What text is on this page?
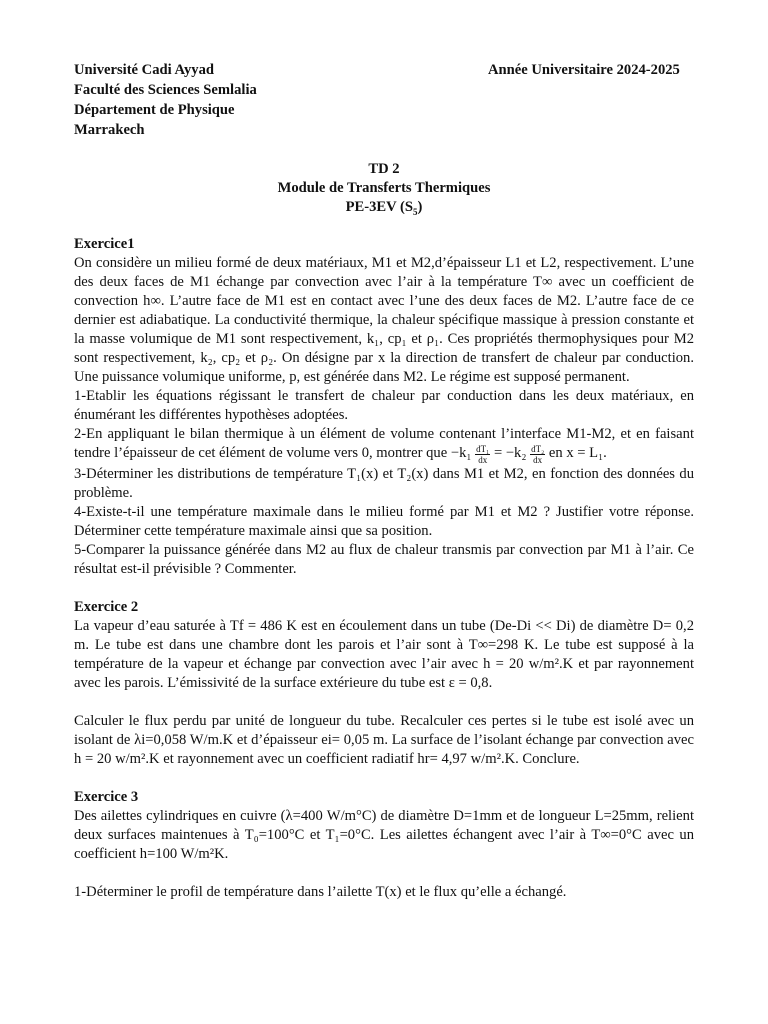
Université Cadi Ayyad
Faculté des Sciences Semlalia
Département de Physique
Marrakech
Année Universitaire 2024-2025
TD 2
Module de Transferts Thermiques
PE-3EV $(S_5)$
Exercice1

On considère un milieu formé de deux matériaux, M1 et M2,d’épaisseur L1 et L2, respectivement. L’une des deux faces de M1 échange par convection avec l’air à la température T∞ avec un coefficient de convection h∞. L’autre face de M1 est en contact avec l’une des deux faces de M2. L’autre face de ce dernier est adiabatique. La conductivité thermique, la chaleur spécifique massique à pression constante et la masse volumique de M1 sont respectivement, k₁, cp₁ et ρ₁. Ces propriétés thermophysiques pour M2 sont respectivement, k₂, cp₂ et ρ₂. On désigne par x la direction de transfert de chaleur par conduction. Une puissance volumique uniforme, p, est générée dans M2. Le régime est supposé permanent.

1-Etablir les équations régissant le transfert de chaleur par conduction dans les deux matériaux, en énumérant les différentes hypothèses adoptées.

2-En appliquant le bilan thermique à un élément de volume contenant l’interface M1-M2, et en faisant tendre l’épaisseur de cet élément de volume vers 0, montrer que $-k_1 \frac{\text{dT₁}}{dx} = -k_2 \frac{\text{dT₂}}{dx}$ en x = L₁.

3-Déterminer les distributions de température T₁(x) et T₂(x) dans M1 et M2, en fonction des données du problème.

4-Existe-t-il une température maximale dans le milieu formé par M1 et M2 ? Justifier votre réponse. Déterminer cette température maximale ainsi que sa position.

5-Comparer la puissance générée dans M2 au flux de chaleur transmis par convection par M1 à l’air. Ce résultat est-il prévisible ? Commenter.

Exercice 2

La vapeur d’eau saturée à Tf = 486 K est en écoulement dans un tube (De-Di << Di) de diamètre D= 0,2 m. Le tube est dans une chambre dont les parois et l’air sont à T∞=298 K. Le tube est supposé à la température de la vapeur et échange par convection avec l’air avec h = 20 w/m².K et par rayonnement avec les parois. L’émissivité de la surface extérieure du tube est ε = 0,8.

Calculer le flux perdu par unité de longueur du tube. Recalculer ces pertes si le tube est isolé avec un isolant de λi=0,058 W/m.K et d’épaisseur ei= 0,05 m. La surface de l’isolant échange par convection avec h = 20 w/m².K et rayonnement avec un coefficient radiatif hr= 4,97 w/m².K. Conclure.

Exercice 3

Des ailettes cylindriques en cuivre (λ=400 W/m°C) de diamètre D=1mm et de longueur L=25mm, relient deux surfaces maintenues à T₀=100°C et T₁=0°C. Les ailettes échangent avec l’air à T∞=0°C avec un coefficient h=100 W/m²K.

1-Déterminer le profil de température dans l’ailette T(x) et le flux qu’elle a échangé.
